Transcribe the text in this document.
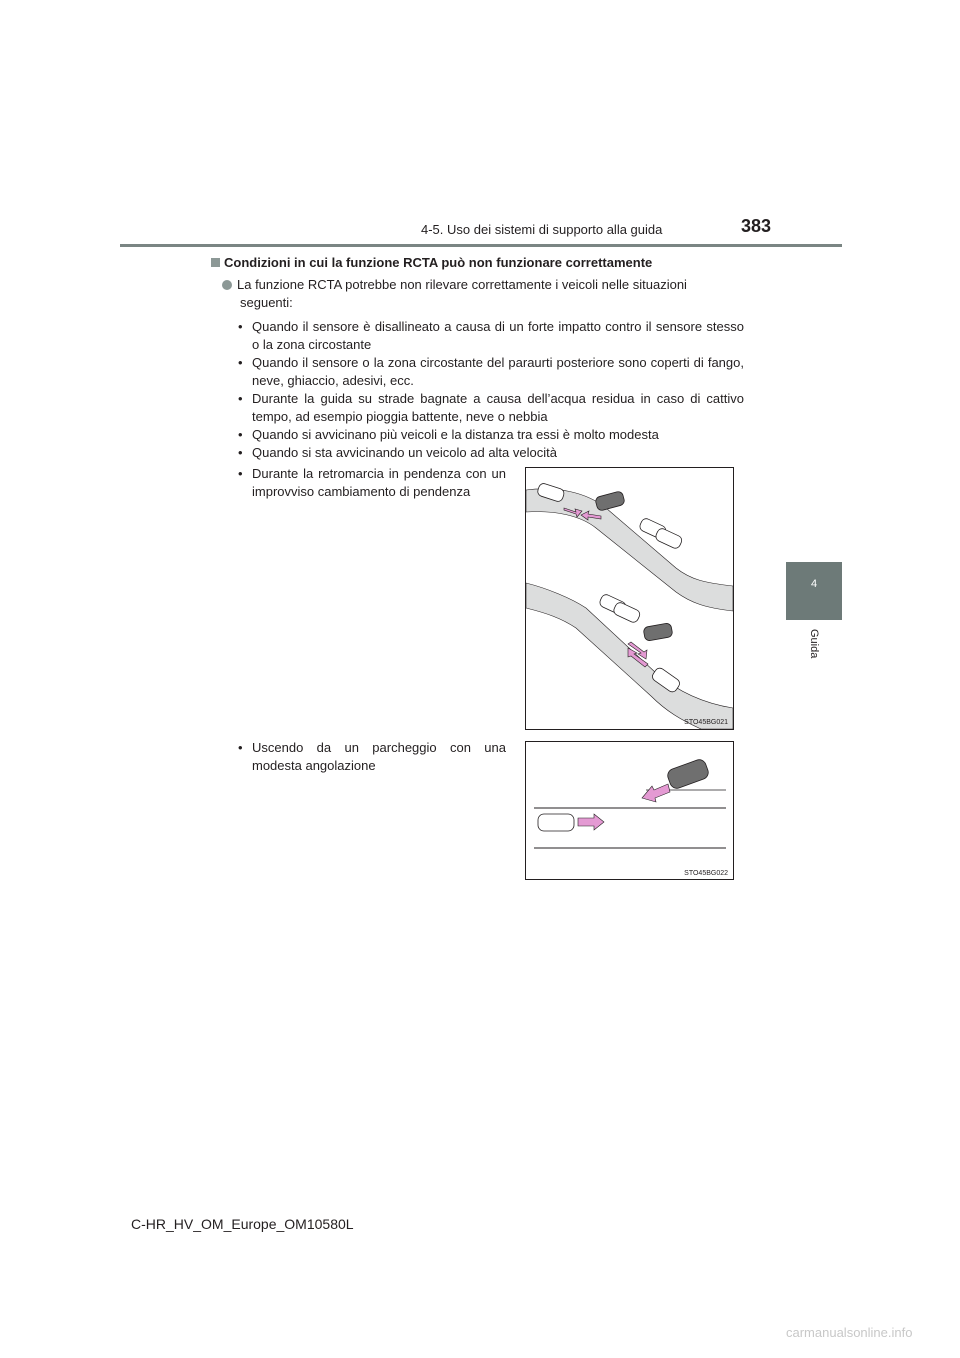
4-5. Uso dei sistemi di supporto alla guida	383
4
Guida
Condizioni in cui la funzione RCTA può non funzionare correttamente
La funzione RCTA potrebbe non rilevare correttamente i veicoli nelle situazioni
seguenti:
• Quando il sensore è disallineato a causa di un forte impatto contro il sensore stesso o la zona circostante
• Quando il sensore o la zona circostante del paraurti posteriore sono coperti di fango, neve, ghiaccio, adesivi, ecc.
• Durante la guida su strade bagnate a causa dell’acqua residua in caso di cattivo tempo, ad esempio pioggia battente, neve o nebbia
• Quando si avvicinano più veicoli e la distanza tra essi è molto modesta
• Quando si sta avvicinando un veicolo ad alta velocità
• Durante la retromarcia in pendenza con un improvviso cambiamento di pendenza
STO45BG021
• Uscendo da un parcheggio con una modesta angolazione
STO45BG022
C-HR_HV_OM_Europe_OM10580L
carmanualsonline.info
